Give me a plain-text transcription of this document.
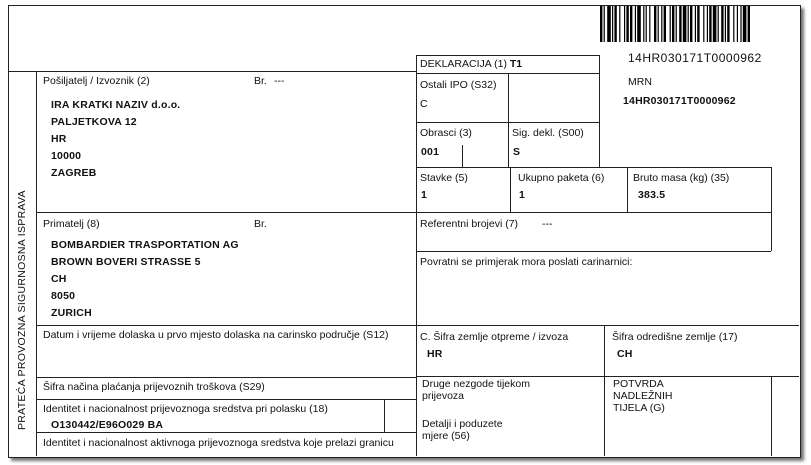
14HR030171T0000962
PRATEĆA PROVOZNA SIGURNOSNA ISPRAVA
Pošiljatelj / Izvoznik (2)	Br. ---
IRA KRATKI NAZIV d.o.o.
PALJETKOVA 12
HR
10000
ZAGREB
DEKLARACIJA (1) T1
Ostali IPO (S32)
C
MRN
14HR030171T0000962
Obrasci (3)
001
Sig. dekl. (S00)
S
Stavke (5)
1
Ukupno paketa (6)
1
Bruto masa (kg) (35)
383.5
Primatelj (8)	Br.
BOMBARDIER TRASPORTATION AG
BROWN BOVERI STRASSE 5
CH
8050
ZURICH
Referentni brojevi (7) ---
Povratni se primjerak mora poslati carinarnici:
Datum i vrijeme dolaska u prvo mjesto dolaska na carinsko područje (S12)	C. Šifra zemlje otpreme / izvoza
HR
Šifra odredišne zemlje (17)
CH
Šifra načina plaćanja prijevoznih troškova (S29)
Identitet i nacionalnost prijevoznoga sredstva pri polasku (18)
O130442/E96O029 BA
Identitet i nacionalnost aktivnoga prijevoznoga sredstva koje prelazi granicu
Druge nezgode tijekom
prijevoza
Detalji i poduzete
mjere (56)
POTVRDA
NADLEŽNIH
TIJELA (G)
